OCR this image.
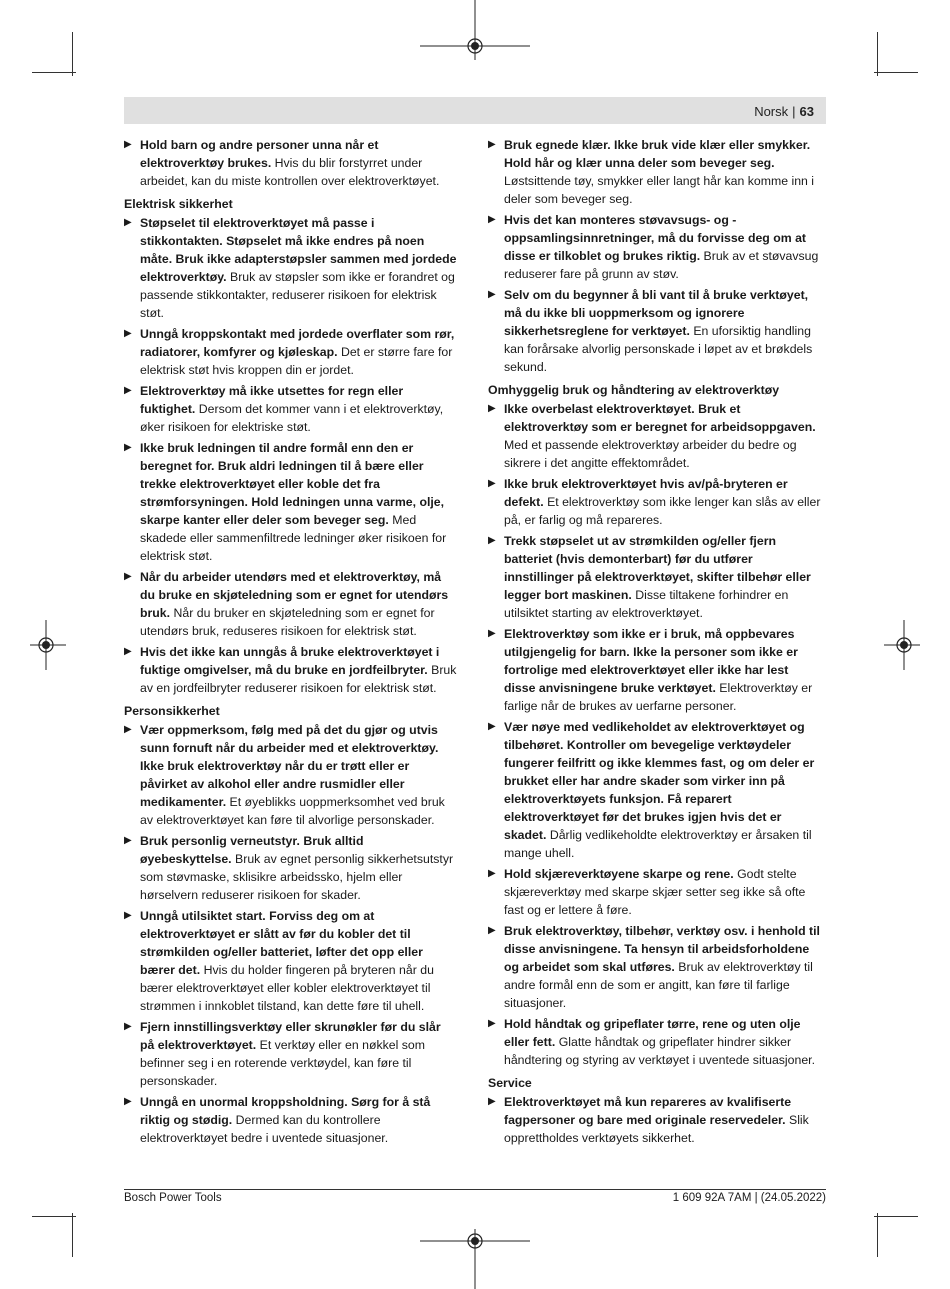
Norsk | 63
▶ Hold barn og andre personer unna når et elektroverktøy brukes. Hvis du blir forstyrret under arbeidet, kan du miste kontrollen over elektroverktøyet.
Elektrisk sikkerhet
▶ Støpselet til elektroverktøyet må passe i stikkontakten. Støpselet må ikke endres på noen måte. Bruk ikke adapterstøpsler sammen med jordede elektroverktøy. Bruk av støpsler som ikke er forandret og passende stikkontakter, reduserer risikoen for elektrisk støt.
▶ Unngå kroppskontakt med jordede overflater som rør, radiatorer, komfyrer og kjøleskap. Det er større fare for elektrisk støt hvis kroppen din er jordet.
▶ Elektroverktøy må ikke utsettes for regn eller fuktighet. Dersom det kommer vann i et elektroverktøy, øker risikoen for elektriske støt.
▶ Ikke bruk ledningen til andre formål enn den er beregnet for. Bruk aldri ledningen til å bære eller trekke elektroverktøyet eller koble det fra strømforsyningen. Hold ledningen unna varme, olje, skarpe kanter eller deler som beveger seg. Med skadede eller sammenfiltrede ledninger øker risikoen for elektrisk støt.
▶ Når du arbeider utendørs med et elektroverktøy, må du bruke en skjøteledning som er egnet for utendørs bruk. Når du bruker en skjøteledning som er egnet for utendørs bruk, reduseres risikoen for elektrisk støt.
▶ Hvis det ikke kan unngås å bruke elektroverktøyet i fuktige omgivelser, må du bruke en jordfeilbryter. Bruk av en jordfeilbryter reduserer risikoen for elektrisk støt.
Personsikkerhet
▶ Vær oppmerksom, følg med på det du gjør og utvis sunn fornuft når du arbeider med et elektroverktøy. Ikke bruk elektroverktøy når du er trøtt eller er påvirket av alkohol eller andre rusmidler eller medikamenter. Et øyeblikks uoppmerksomhet ved bruk av elektroverktøyet kan føre til alvorlige personskader.
▶ Bruk personlig verneutstyr. Bruk alltid øyebeskyttelse. Bruk av egnet personlig sikkerhetsutstyr som støvmaske, sklisikre arbeidssko, hjelm eller hørselvern reduserer risikoen for skader.
▶ Unngå utilsiktet start. Forviss deg om at elektroverktøyet er slått av før du kobler det til strømkilden og/eller batteriet, løfter det opp eller bærer det. Hvis du holder fingeren på bryteren når du bærer elektroverktøyet eller kobler elektroverktøyet til strømmen i innkoblet tilstand, kan dette føre til uhell.
▶ Fjern innstillingsverktøy eller skrunøkler før du slår på elektroverktøyet. Et verktøy eller en nøkkel som befinner seg i en roterende verktøydel, kan føre til personskader.
▶ Unngå en unormal kroppsholdning. Sørg for å stå riktig og stødig. Dermed kan du kontrollere elektroverktøyet bedre i uventede situasjoner.
▶ Bruk egnede klær. Ikke bruk vide klær eller smykker. Hold hår og klær unna deler som beveger seg. Løstsittende tøy, smykker eller langt hår kan komme inn i deler som beveger seg.
▶ Hvis det kan monteres støvavsugs- og -oppsamlingsinnretninger, må du forvisse deg om at disse er tilkoblet og brukes riktig. Bruk av et støvavsug reduserer fare på grunn av støv.
▶ Selv om du begynner å bli vant til å bruke verktøyet, må du ikke bli uoppmerksom og ignorere sikkerhetsreglene for verktøyet. En uforsiktig handling kan forårsake alvorlig personskade i løpet av et brøkdels sekund.
Omhyggelig bruk og håndtering av elektroverktøy
▶ Ikke overbelast elektroverktøyet. Bruk et elektroverktøy som er beregnet for arbeidsoppgaven. Med et passende elektroverktøy arbeider du bedre og sikrere i det angitte effektområdet.
▶ Ikke bruk elektroverktøyet hvis av/på-bryteren er defekt. Et elektroverktøy som ikke lenger kan slås av eller på, er farlig og må repareres.
▶ Trekk støpselet ut av strømkilden og/eller fjern batteriet (hvis demonterbart) før du utfører innstillinger på elektroverktøyet, skifter tilbehør eller legger bort maskinen. Disse tiltakene forhindrer en utilsiktet starting av elektroverktøyet.
▶ Elektroverktøy som ikke er i bruk, må oppbevares utilgjengelig for barn. Ikke la personer som ikke er fortrolige med elektroverktøyet eller ikke har lest disse anvisningene bruke verktøyet. Elektroverktøy er farlige når de brukes av uerfarne personer.
▶ Vær nøye med vedlikeholdet av elektroverktøyet og tilbehøret. Kontroller om bevegelige verktøydeler fungerer feilfritt og ikke klemmes fast, og om deler er brukket eller har andre skader som virker inn på elektroverktøyets funksjon. Få reparert elektroverktøyet før det brukes igjen hvis det er skadet. Dårlig vedlikeholdte elektroverktøy er årsaken til mange uhell.
▶ Hold skjæreverktøyene skarpe og rene. Godt stelte skjæreverktøy med skarpe skjær setter seg ikke så ofte fast og er lettere å føre.
▶ Bruk elektroverktøy, tilbehør, verktøy osv. i henhold til disse anvisningene. Ta hensyn til arbeidsforholdene og arbeidet som skal utføres. Bruk av elektroverktøy til andre formål enn de som er angitt, kan føre til farlige situasjoner.
▶ Hold håndtak og gripeflater tørre, rene og uten olje eller fett. Glatte håndtak og gripeflater hindrer sikker håndtering og styring av verktøyet i uventede situasjoner.
Service
▶ Elektroverktøyet må kun repareres av kvalifiserte fagpersoner og bare med originale reservedeler. Slik opprettholdes verktøyets sikkerhet.
Bosch Power Tools	1 609 92A 7AM | (24.05.2022)
